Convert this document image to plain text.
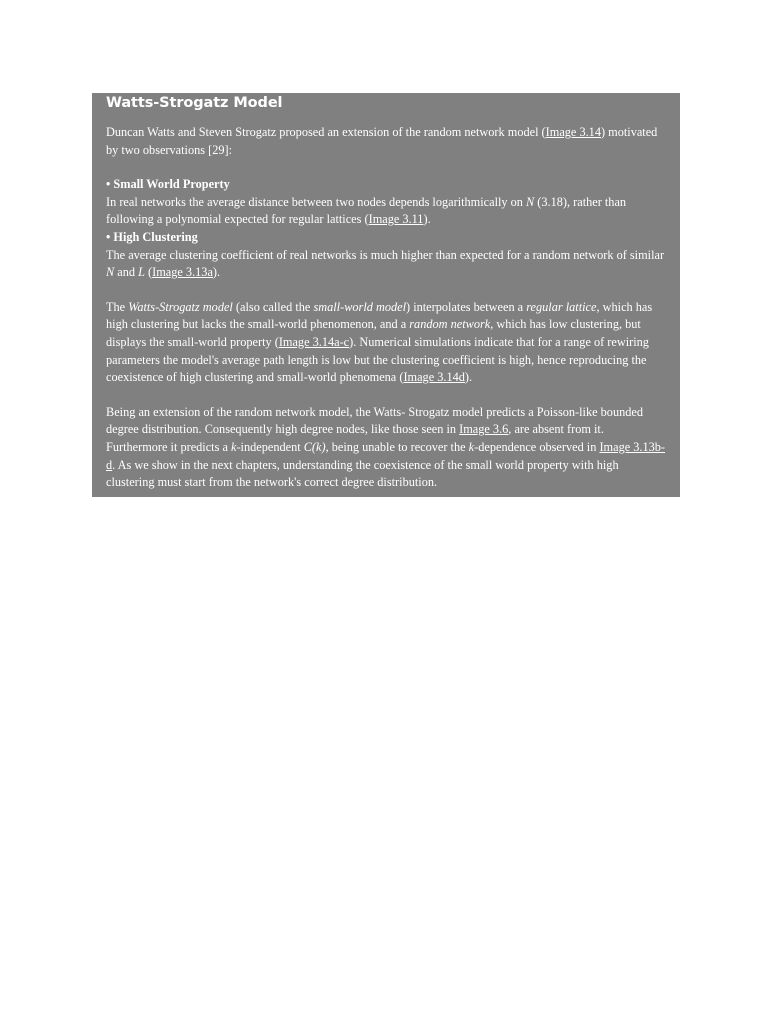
Watts-Strogatz Model

Duncan Watts and Steven Strogatz proposed an extension of the random network model (Image 3.14) motivated by two observations [29]:

• Small World Property

In real networks the average distance between two nodes depends logarithmically on N (3.18), rather than following a polynomial expected for regular lattices (Image 3.11).

• High Clustering

The average clustering coefficient of real networks is much higher than expected for a random network of similar N and L (Image 3.13a).

The Watts-Strogatz model (also called the small-world model) interpolates between a regular lattice, which has high clustering but lacks the small-world phenomenon, and a random network, which has low clustering, but displays the small-world property (Image 3.14a-c). Numerical simulations indicate that for a range of rewiring parameters the model's average path length is low but the clustering coefficient is high, hence reproducing the coexistence of high clustering and small-world phenomena (Image 3.14d).

Being an extension of the random network model, the Watts- Strogatz model predicts a Poisson-like bounded degree distribution. Consequently high degree nodes, like those seen in Image 3.6, are absent from it. Furthermore it predicts a k-independent C(k), being unable to recover the k-dependence observed in Image 3.13b-d. As we show in the next chapters, understanding the coexistence of the small world property with high clustering must start from the network's correct degree distribution.
